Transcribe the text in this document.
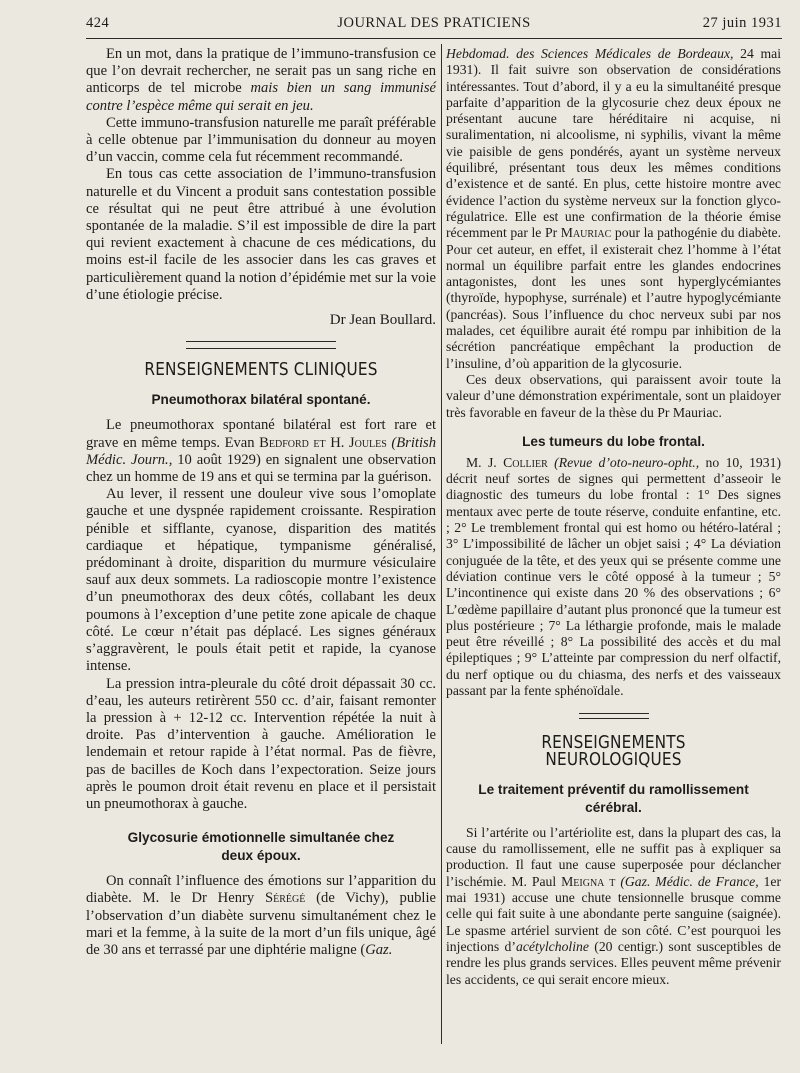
424	JOURNAL DES PRATICIENS	27 juin 1931

En un mot, dans la pratique de l’immuno-transfusion ce que l’on devrait rechercher, ne serait pas un sang riche en anticorps de tel microbe mais bien un sang immunisé contre l’espèce même qui serait en jeu.

Cette immuno-transfusion naturelle me paraît préférable à celle obtenue par l’immunisation du donneur au moyen d’un vaccin, comme cela fut récemment recommandé.

En tous cas cette association de l’immuno-transfusion naturelle et du Vincent a produit sans contestation possible ce résultat qui ne peut être attribué à une évolution spontanée de la maladie. S’il est impossible de dire la part qui revient exactement à chacune de ces médications, du moins est-il facile de les associer dans les cas graves et particulièrement quand la notion d’épidémie met sur la voie d’une étiologie précise.

Dr Jean Boullard.

RENSEIGNEMENTS CLINIQUES
Pneumothorax bilatéral spontané.

Le pneumothorax spontané bilatéral est fort rare et grave en même temps. Evan Bedford et H. Joules (British Médic. Journ., 10 août 1929) en signalent une observation chez un homme de 19 ans et qui se termina par la guérison.

Au lever, il ressent une douleur vive sous l’omoplate gauche et une dyspnée rapidement croissante. Respiration pénible et sifflante, cyanose, disparition des matités cardiaque et hépatique, tympanisme généralisé, prédominant à droite, disparition du murmure vésiculaire sauf aux deux sommets. La radioscopie montre l’existence d’un pneumothorax des deux côtés, collabant les deux poumons à l’exception d’une petite zone apicale de chaque côté. Le cœur n’était pas déplacé. Les signes généraux s’aggravèrent, le pouls était petit et rapide, la cyanose intense.

La pression intra-pleurale du côté droit dépassait 30 cc. d’eau, les auteurs retirèrent 550 cc. d’air, faisant remonter la pression à + 12-12 cc. Intervention répétée la nuit à droite. Pas d’intervention à gauche. Amélioration le lendemain et retour rapide à l’état normal. Pas de fièvre, pas de bacilles de Koch dans l’expectoration. Seize jours après le poumon droit était revenu en place et il persistait un pneumothorax à gauche.

Glycosurie émotionnelle simultanée chez deux époux.

On connaît l’influence des émotions sur l’apparition du diabète. M. le Dr Henry Sérégé (de Vichy), publie l’observation d’un diabète survenu simultanément chez le mari et la femme, à la suite de la mort d’un fils unique, âgé de 30 ans et terrassé par une diphtérie maligne (Gaz.

Hebdomad. des Sciences Médicales de Bordeaux, 24 mai 1931). Il fait suivre son observation de considérations intéressantes. Tout d’abord, il y a eu la simultanéité presque parfaite d’apparition de la glycosurie chez deux époux ne présentant aucune tare héréditaire ni acquise, ni suralimentation, ni alcoolisme, ni syphilis, vivant la même vie paisible de gens pondérés, ayant un système nerveux équilibré, présentant tous deux les mêmes conditions d’existence et de santé. En plus, cette histoire montre avec évidence l’action du système nerveux sur la fonction glyco-régulatrice. Elle est une confirmation de la théorie émise récemment par le Pr Mauriac pour la pathogénie du diabète. Pour cet auteur, en effet, il existerait chez l’homme à l’état normal un équilibre parfait entre les glandes endocrines antagonistes, dont les unes sont hyperglycémiantes (thyroïde, hypophyse, surrénale) et l’autre hypoglycémiante (pancréas). Sous l’influence du choc nerveux subi par nos malades, cet équilibre aurait été rompu par inhibition de la sécrétion pancréatique empêchant la production de l’insuline, d’où apparition de la glycosurie.

Ces deux observations, qui paraissent avoir toute la valeur d’une démonstration expérimentale, sont un plaidoyer très favorable en faveur de la thèse du Pr Mauriac.

Les tumeurs du lobe frontal.

M. J. Collier (Revue d’oto-neuro-opht., no 10, 1931) décrit neuf sortes de signes qui permettent d’asseoir le diagnostic des tumeurs du lobe frontal : 1° Des signes mentaux avec perte de toute réserve, conduite enfantine, etc. ; 2° Le tremblement frontal qui est homo ou hétéro-latéral ; 3° L’impossibilité de lâcher un objet saisi ; 4° La déviation conjuguée de la tête, et des yeux qui se présente comme une déviation continue vers le côté opposé à la tumeur ; 5° L’incontinence qui existe dans 20 % des observations ; 6° L’œdème papillaire d’autant plus prononcé que la tumeur est plus postérieure ; 7° La léthargie profonde, mais le malade peut être réveillé ; 8° La possibilité des accès et du mal épileptiques ; 9° L’atteinte par compression du nerf olfactif, du nerf optique ou du chiasma, des nerfs et des vaisseaux passant par la fente sphénoïdale.

RENSEIGNEMENTS NEUROLOGIQUES
Le traitement préventif du ramollissement cérébral.

Si l’artérite ou l’artériolite est, dans la plupart des cas, la cause du ramollissement, elle ne suffit pas à expliquer sa production. Il faut une cause superposée pour déclancher l’ischémie. M. Paul Meigna t (Gaz. Médic. de France, 1er mai 1931) accuse une chute tensionnelle brusque comme celle qui fait suite à une abondante perte sanguine (saignée). Le spasme artériel survient de son côté. C’est pourquoi les injections d’acétylcholine (20 centigr.) sont susceptibles de rendre les plus grands services. Elles peuvent même prévenir les accidents, ce qui serait encore mieux.
